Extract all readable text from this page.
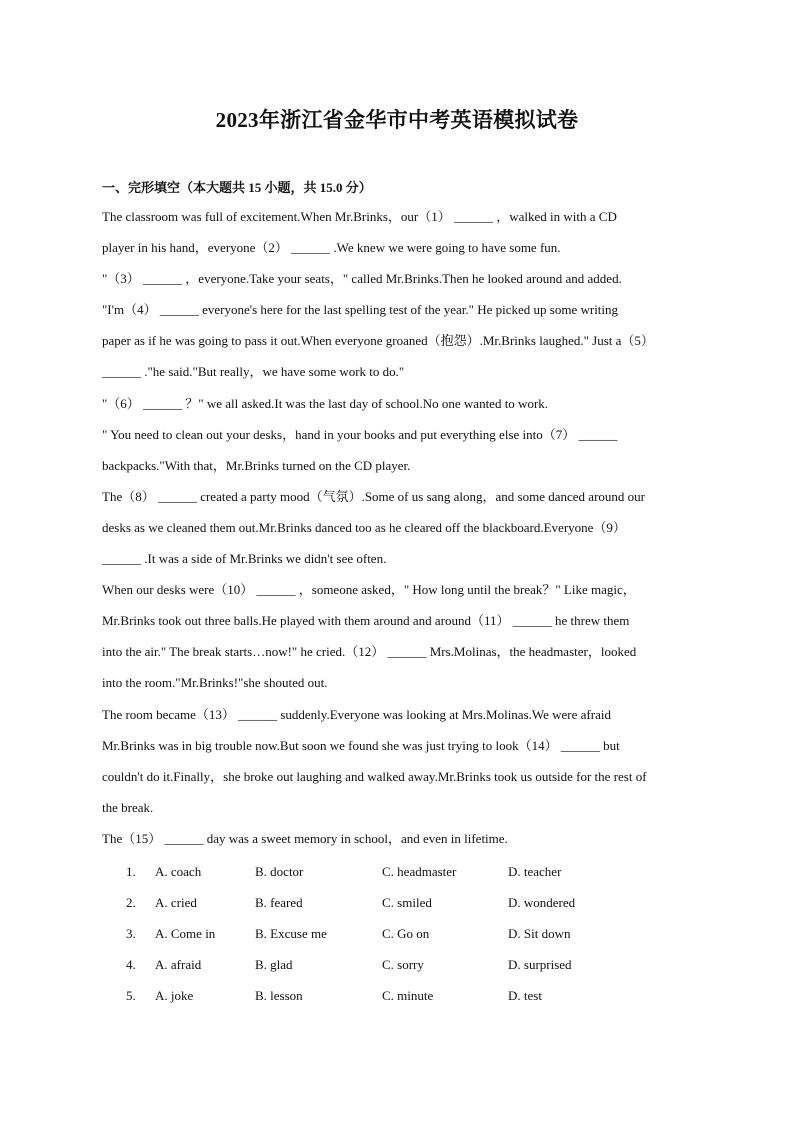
2023年浙江省金华市中考英语模拟试卷
一、完形填空（本大题共 15 小题，共 15.0 分）
The classroom was full of excitement.When Mr.Brinks，our（1） ______ ，walked in with a CD
player in his hand，everyone（2） ______ .We knew we were going to have some fun.
"（3） ______ ，everyone.Take your seats，" called Mr.Brinks.Then he looked around and added.
"I'm（4） ______ everyone's here for the last spelling test of the year." He picked up some writing
paper as if he was going to pass it out.When everyone groaned（抱怨）.Mr.Brinks laughed." Just a（5）
______ ."he said."But really，we have some work to do."
"（6） ______ ？" we all asked.It was the last day of school.No one wanted to work.
" You need to clean out your desks，hand in your books and put everything else into（7） ______
backpacks."With that，Mr.Brinks turned on the CD player.
The（8） ______ created a party mood（气氛）.Some of us sang along，and some danced around our
desks as we cleaned them out.Mr.Brinks danced too as he cleared off the blackboard.Everyone（9）
______ .It was a side of Mr.Brinks we didn't see often.
When our desks were（10） ______ ，someone asked，" How long until the break？" Like magic，
Mr.Brinks took out three balls.He played with them around and around（11） ______ he threw them
into the air." The break starts…now!" he cried.（12） ______ Mrs.Molinas，the headmaster，looked
into the room."Mr.Brinks!"she shouted out.
The room became（13） ______ suddenly.Everyone was looking at Mrs.Molinas.We were afraid
Mr.Brinks was in big trouble now.But soon we found she was just trying to look（14） ______ but
couldn't do it.Finally，she broke out laughing and walked away.Mr.Brinks took us outside for the rest of
the break.
The（15） ______ day was a sweet memory in school，and even in lifetime.
1. A. coach	B. doctor	C. headmaster	D. teacher
2. A. cried	B. feared	C. smiled	D. wondered
3. A. Come in	B. Excuse me	C. Go on	D. Sit down
4. A. afraid	B. glad	C. sorry	D. surprised
5. A. joke	B. lesson	C. minute	D. test
